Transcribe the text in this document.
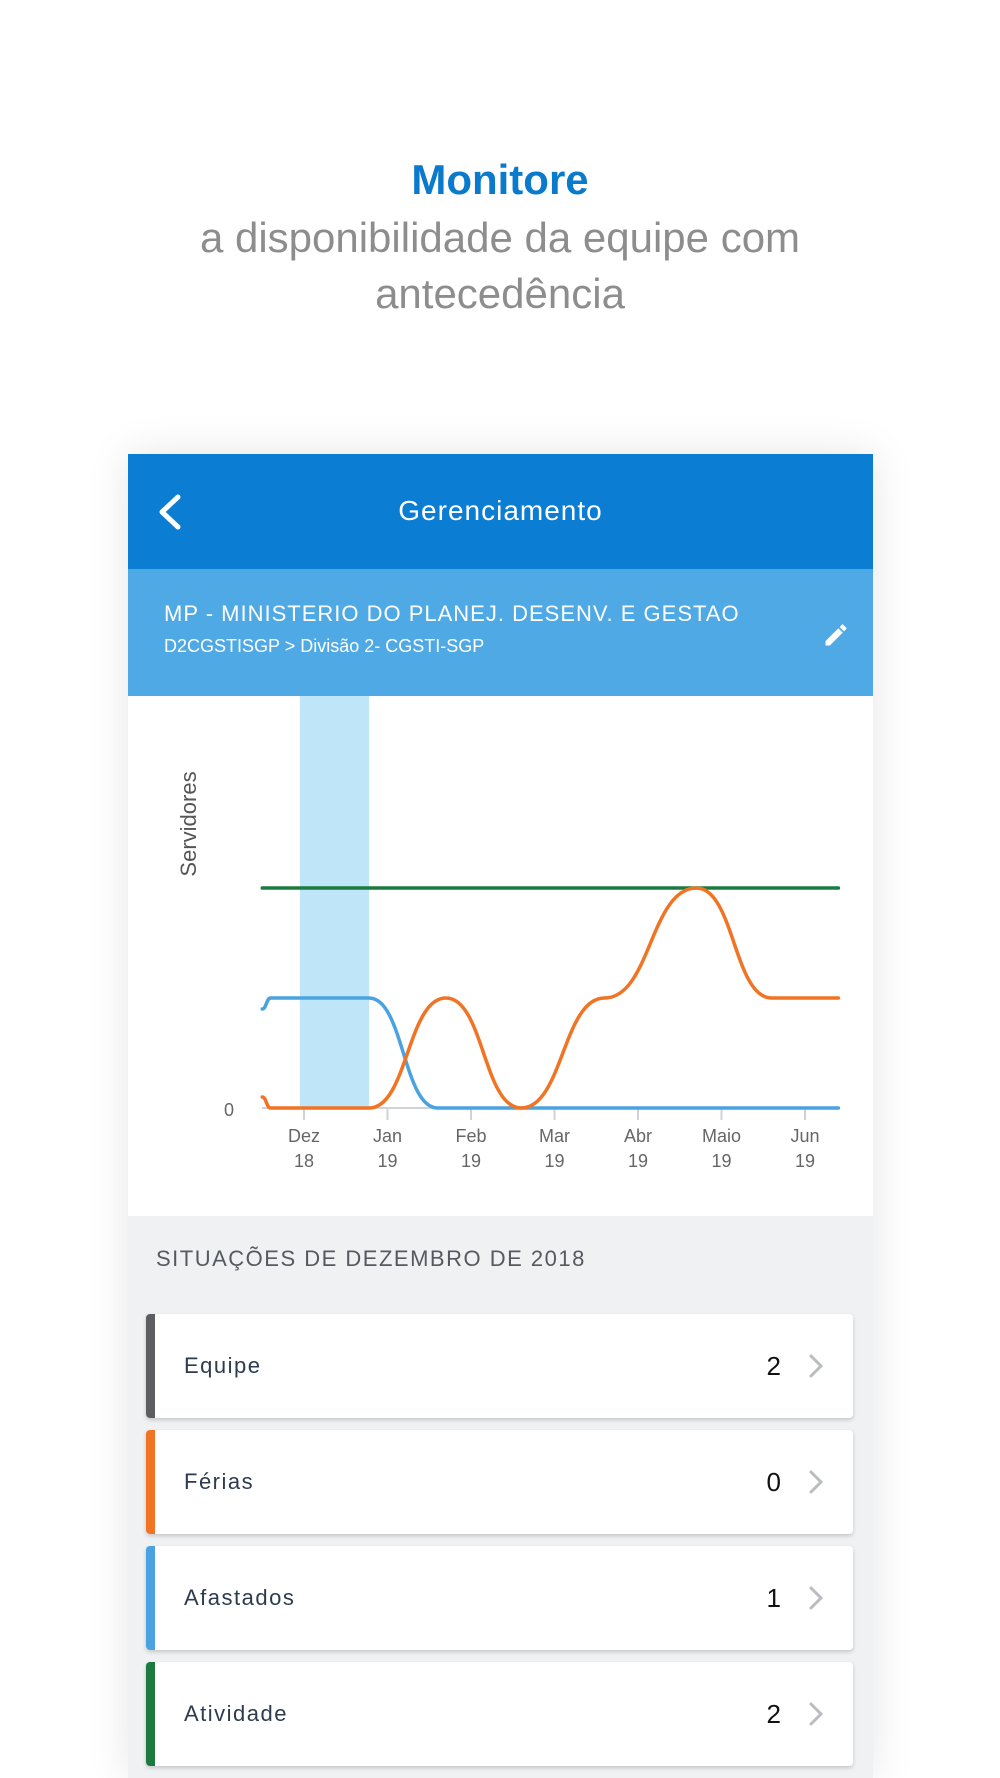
Monitore
a disponibilidade da equipe com
antecedência
Gerenciamento
MP - MINISTERIO DO PLANEJ. DESENV. E GESTAO
D2CGSTISGP > Divisão 2- CGSTI-SGP
Servidores
0
Dez
18
Jan
19
Feb
19
Mar
19
Abr
19
Maio
19
Jun
19
SITUAÇÕES DE DEZEMBRO DE 2018
Equipe	2
Férias	0
Afastados	1
Atividade	2
